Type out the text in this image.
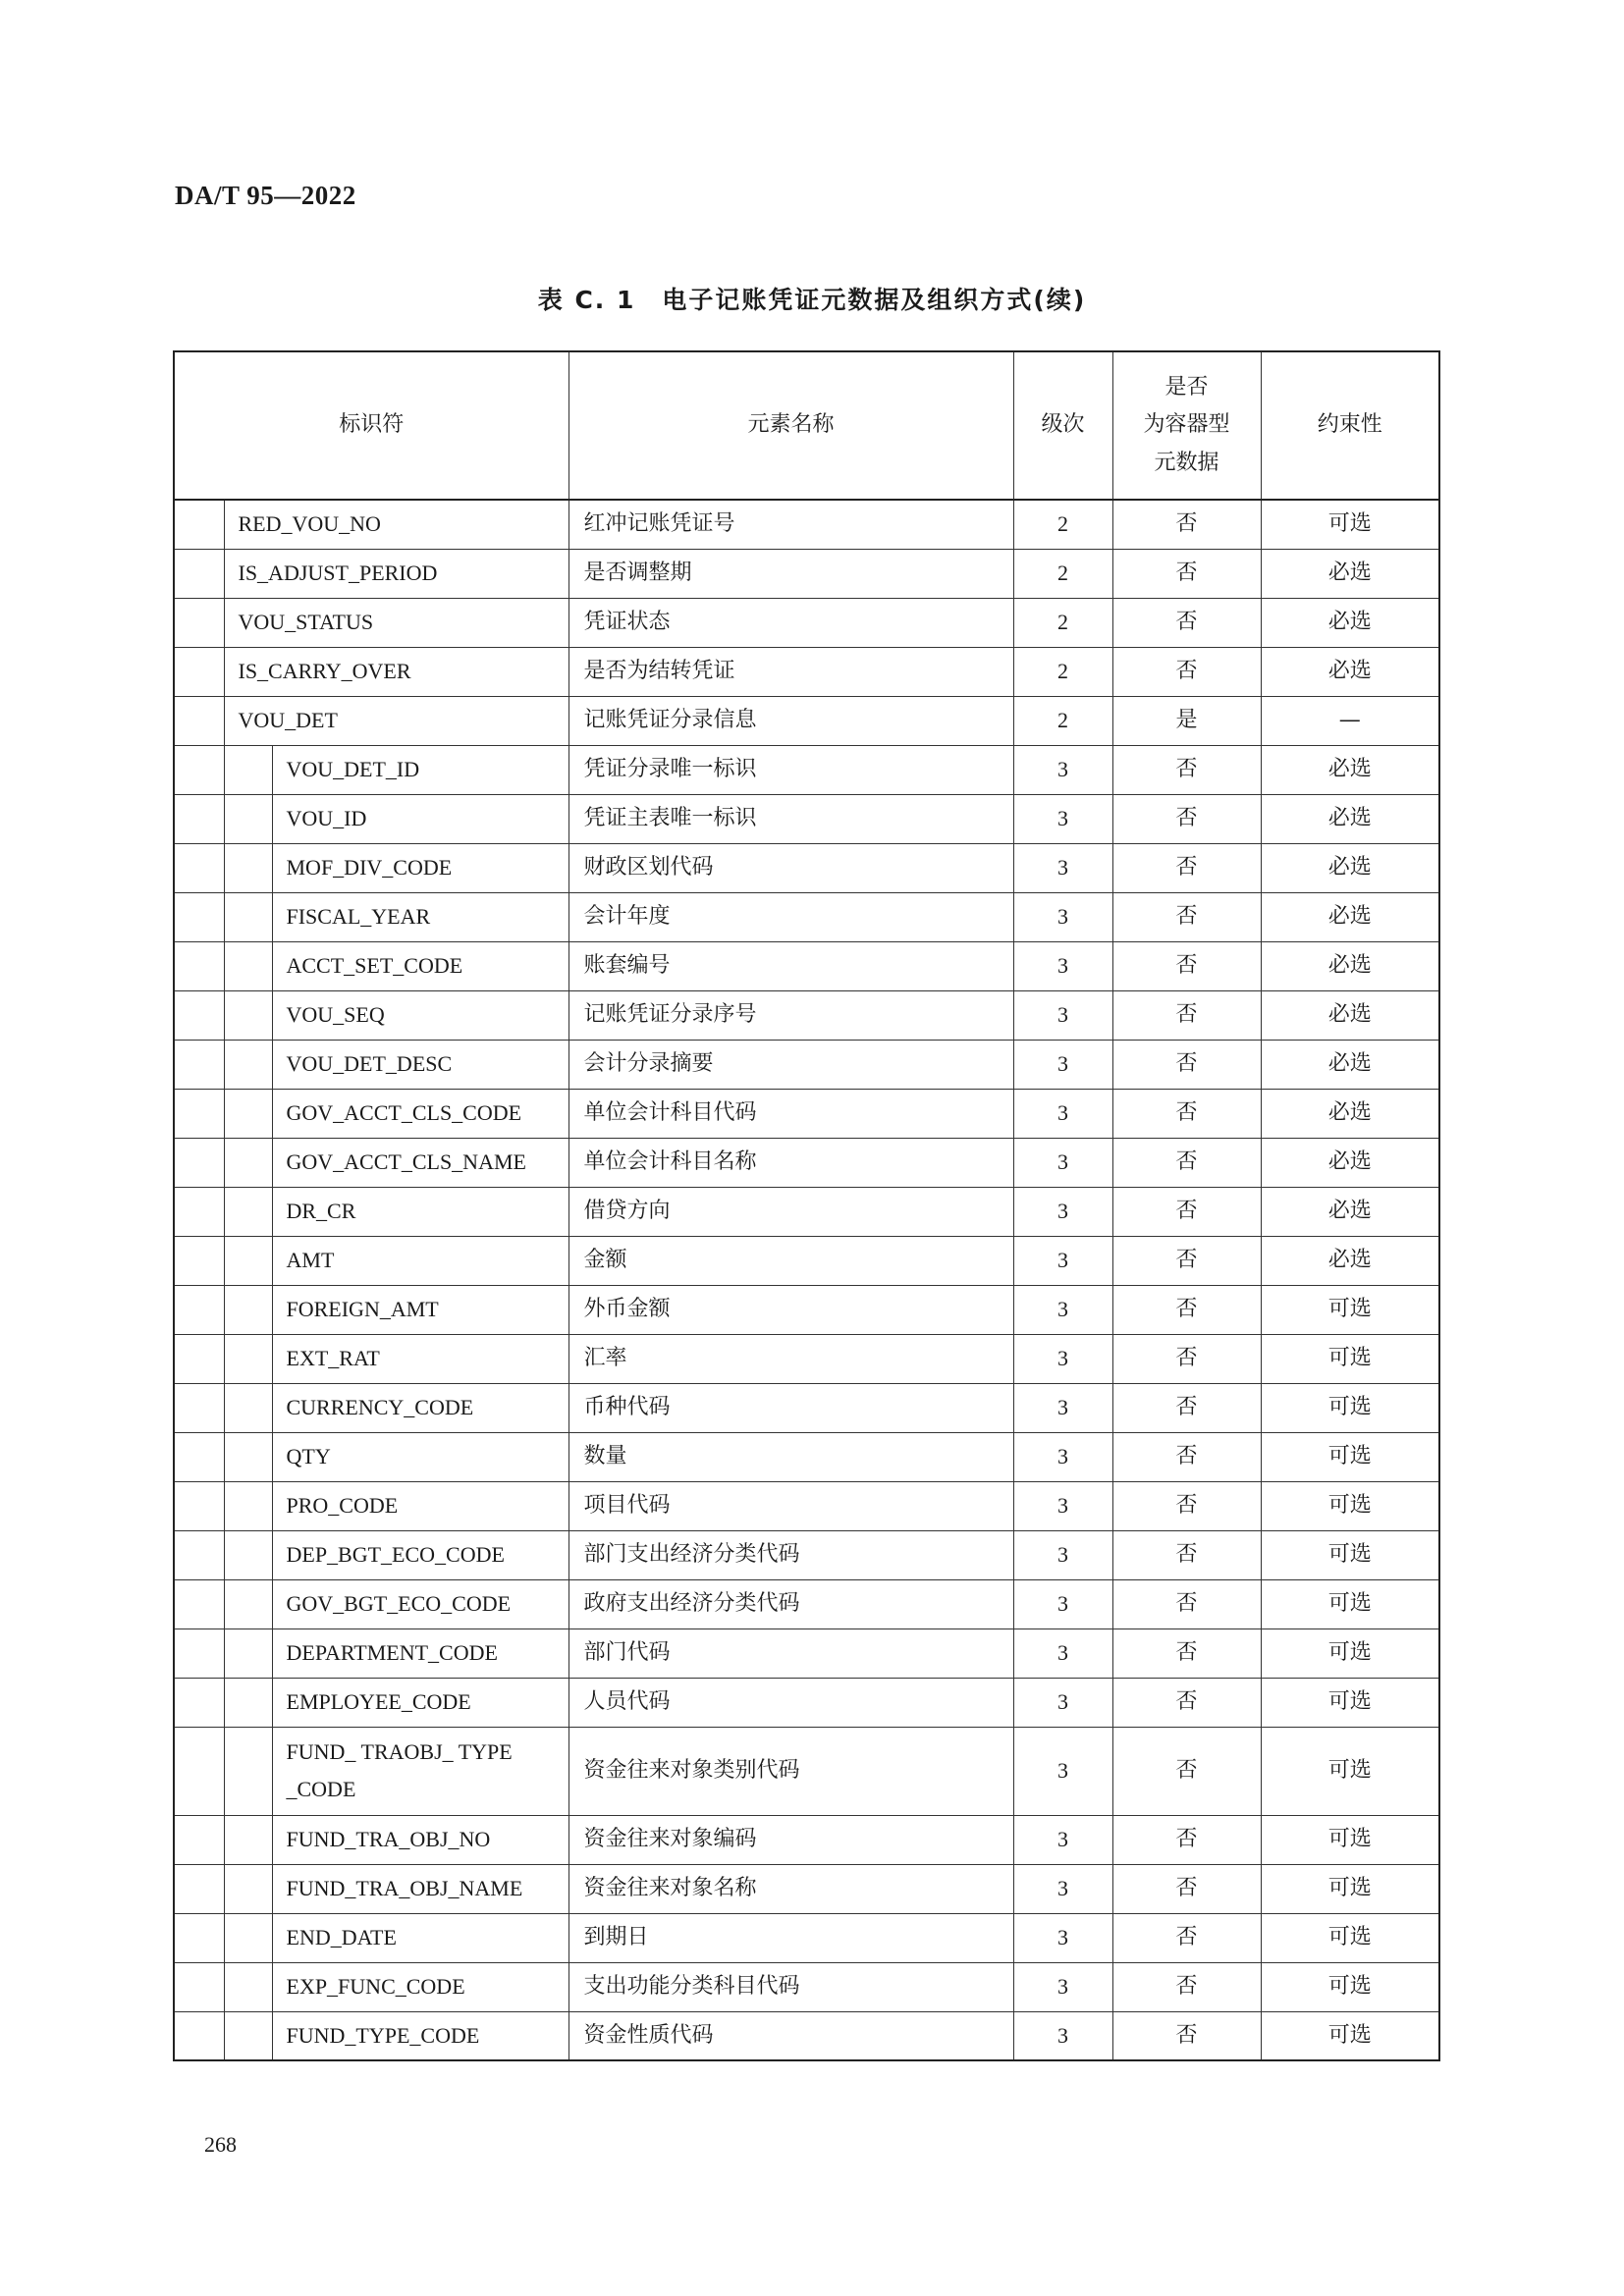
DA/T 95—2022
表 C. 1　电子记账凭证元数据及组织方式(续)
标识符			元素名称	级次	是否
为容器型
元数据	约束性
	RED_VOU_NO		红冲记账凭证号	2	否	可选
	IS_ADJUST_PERIOD		是否调整期	2	否	必选
	VOU_STATUS		凭证状态	2	否	必选
	IS_CARRY_OVER		是否为结转凭证	2	否	必选
	VOU_DET		记账凭证分录信息	2	是	—
		VOU_DET_ID	凭证分录唯一标识	3	否	必选
		VOU_ID	凭证主表唯一标识	3	否	必选
		MOF_DIV_CODE	财政区划代码	3	否	必选
		FISCAL_YEAR	会计年度	3	否	必选
		ACCT_SET_CODE	账套编号	3	否	必选
		VOU_SEQ	记账凭证分录序号	3	否	必选
		VOU_DET_DESC	会计分录摘要	3	否	必选
		GOV_ACCT_CLS_CODE	单位会计科目代码	3	否	必选
		GOV_ACCT_CLS_NAME	单位会计科目名称	3	否	必选
		DR_CR	借贷方向	3	否	必选
		AMT	金额	3	否	必选
		FOREIGN_AMT	外币金额	3	否	可选
		EXT_RAT	汇率	3	否	可选
		CURRENCY_CODE	币种代码	3	否	可选
		QTY	数量	3	否	可选
		PRO_CODE	项目代码	3	否	可选
		DEP_BGT_ECO_CODE	部门支出经济分类代码	3	否	可选
		GOV_BGT_ECO_CODE	政府支出经济分类代码	3	否	可选
		DEPARTMENT_CODE	部门代码	3	否	可选
		EMPLOYEE_CODE	人员代码	3	否	可选
		FUND_ TRAOBJ_ TYPE _CODE	资金往来对象类别代码	3	否	可选
		FUND_TRA_OBJ_NO	资金往来对象编码	3	否	可选
		FUND_TRA_OBJ_NAME	资金往来对象名称	3	否	可选
		END_DATE	到期日	3	否	可选
		EXP_FUNC_CODE	支出功能分类科目代码	3	否	可选
		FUND_TYPE_CODE	资金性质代码	3	否	可选
268
